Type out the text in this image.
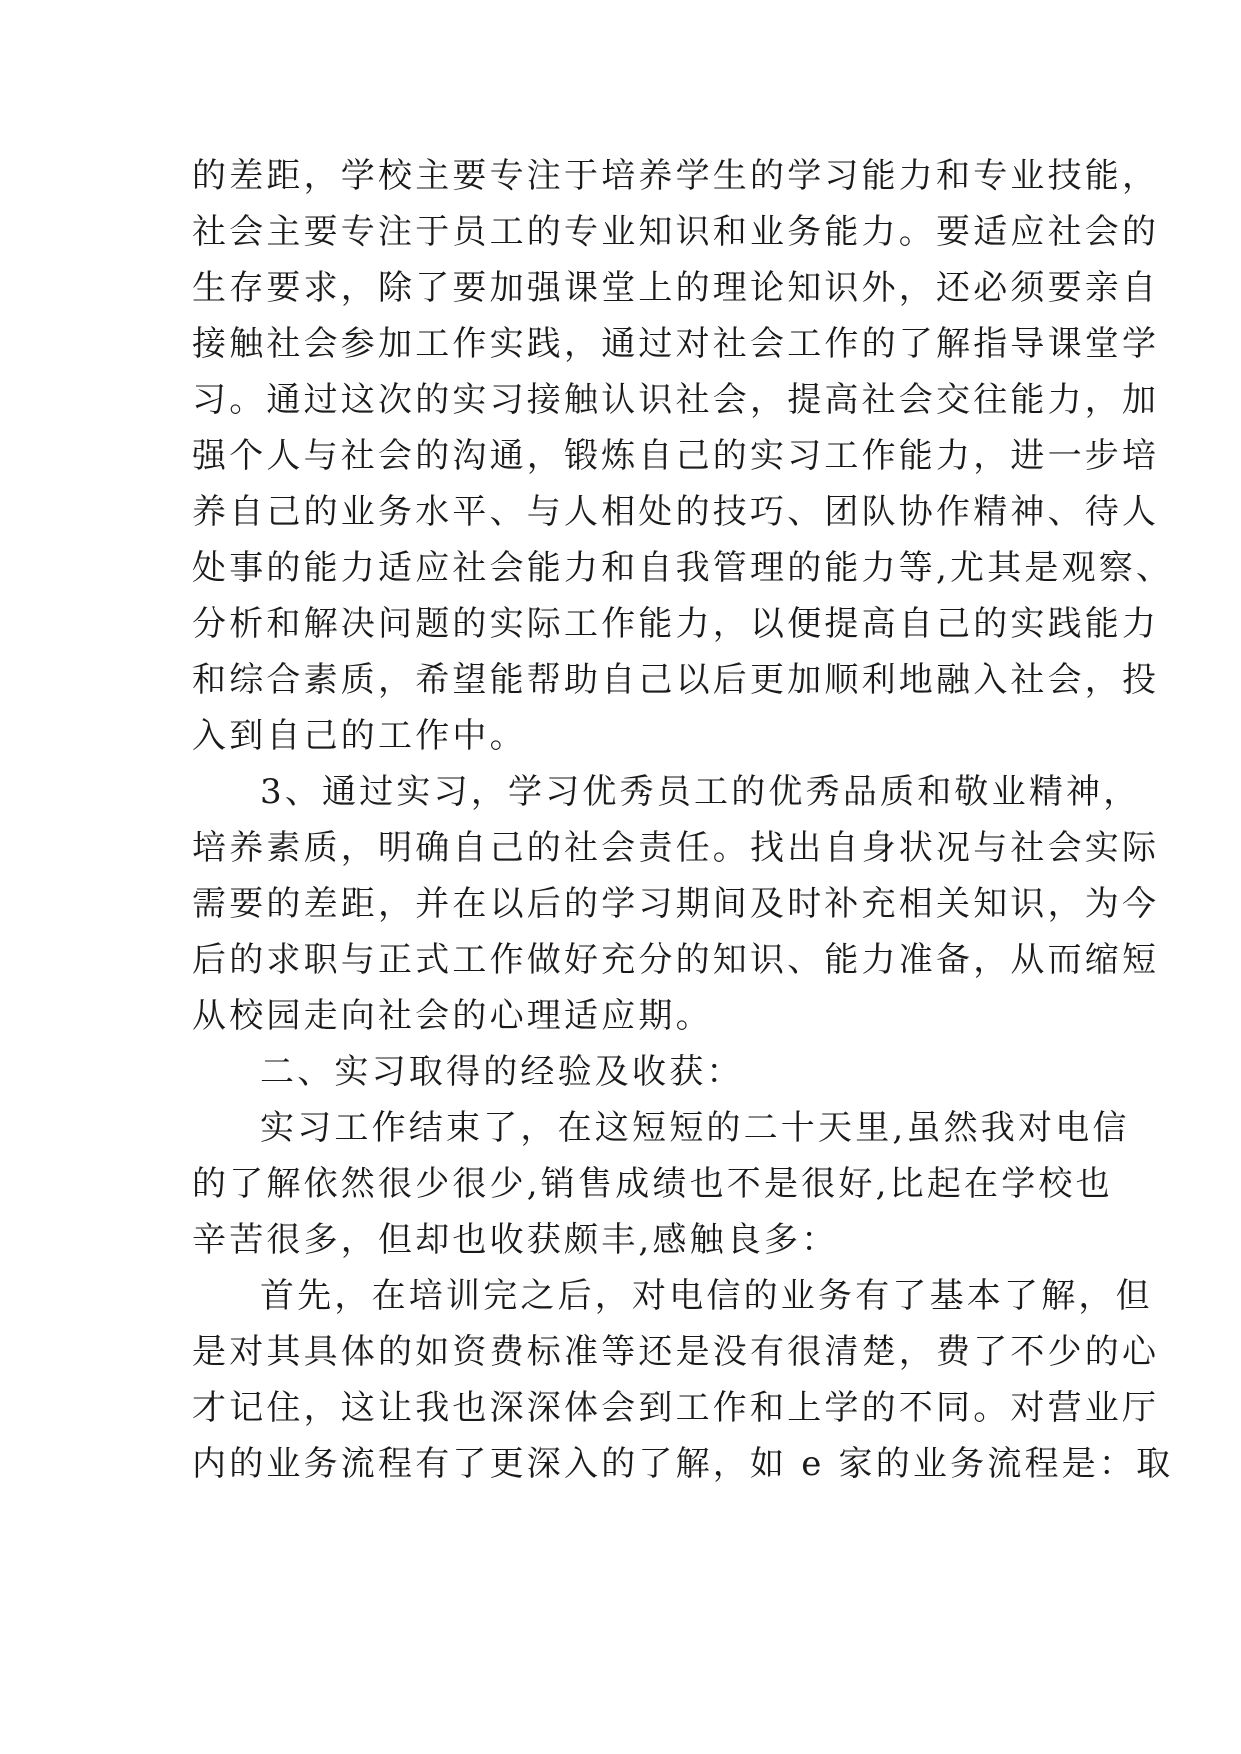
的差距，学校主要专注于培养学生的学习能力和专业技能，
社会主要专注于员工的专业知识和业务能力。要适应社会的
生存要求，除了要加强课堂上的理论知识外，还必须要亲自
接触社会参加工作实践，通过对社会工作的了解指导课堂学
习。通过这次的实习接触认识社会，提高社会交往能力，加
强个人与社会的沟通，锻炼自己的实习工作能力，进一步培
养自己的业务水平、与人相处的技巧、团队协作精神、待人
处事的能力适应社会能力和自我管理的能力等,尤其是观察、
分析和解决问题的实际工作能力，以便提高自己的实践能力
和综合素质，希望能帮助自己以后更加顺利地融入社会，投
入到自己的工作中。
3、通过实习，学习优秀员工的优秀品质和敬业精神，
培养素质，明确自己的社会责任。找出自身状况与社会实际
需要的差距，并在以后的学习期间及时补充相关知识，为今
后的求职与正式工作做好充分的知识、能力准备，从而缩短
从校园走向社会的心理适应期。
二、实习取得的经验及收获：
实习工作结束了，在这短短的二十天里,虽然我对电信
的了解依然很少很少,销售成绩也不是很好,比起在学校也
辛苦很多，但却也收获颇丰,感触良多：
首先，在培训完之后，对电信的业务有了基本了解，但
是对其具体的如资费标准等还是没有很清楚，费了不少的心
才记住，这让我也深深体会到工作和上学的不同。对营业厅
内的业务流程有了更深入的了解，如 e 家的业务流程是：取
